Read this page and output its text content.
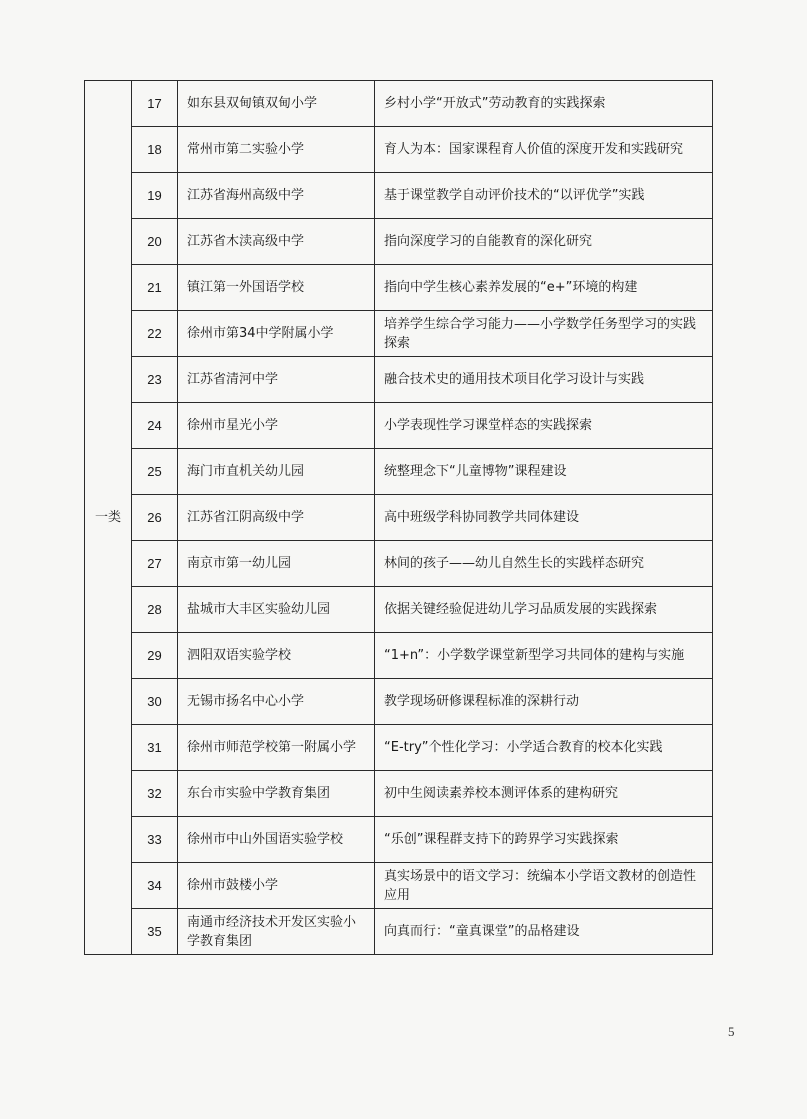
一类	17	如东县双甸镇双甸小学	乡村小学“开放式”劳动教育的实践探索
	18	常州市第二实验小学	育人为本：国家课程育人价值的深度开发和实践研究
	19	江苏省海州高级中学	基于课堂教学自动评价技术的“以评优学”实践
	20	江苏省木渎高级中学	指向深度学习的自能教育的深化研究
	21	镇江第一外国语学校	指向中学生核心素养发展的“e+”环境的构建
	22	徐州市第34中学附属小学	培养学生综合学习能力——小学数学任务型学习的实践探索
	23	江苏省清河中学	融合技术史的通用技术项目化学习设计与实践
	24	徐州市星光小学	小学表现性学习课堂样态的实践探索
	25	海门市直机关幼儿园	统整理念下“儿童博物”课程建设
	26	江苏省江阴高级中学	高中班级学科协同教学共同体建设
	27	南京市第一幼儿园	林间的孩子——幼儿自然生长的实践样态研究
	28	盐城市大丰区实验幼儿园	依据关键经验促进幼儿学习品质发展的实践探索
	29	泗阳双语实验学校	“1+n”：小学数学课堂新型学习共同体的建构与实施
	30	无锡市扬名中心小学	教学现场研修课程标准的深耕行动
	31	徐州市师范学校第一附属小学	“E-try”个性化学习：小学适合教育的校本化实践
	32	东台市实验中学教育集团	初中生阅读素养校本测评体系的建构研究
	33	徐州市中山外国语实验学校	“乐创”课程群支持下的跨界学习实践探索
	34	徐州市鼓楼小学	真实场景中的语文学习：统编本小学语文教材的创造性应用
	35	南通市经济技术开发区实验小学教育集团	向真而行：“童真课堂”的品格建设
5
